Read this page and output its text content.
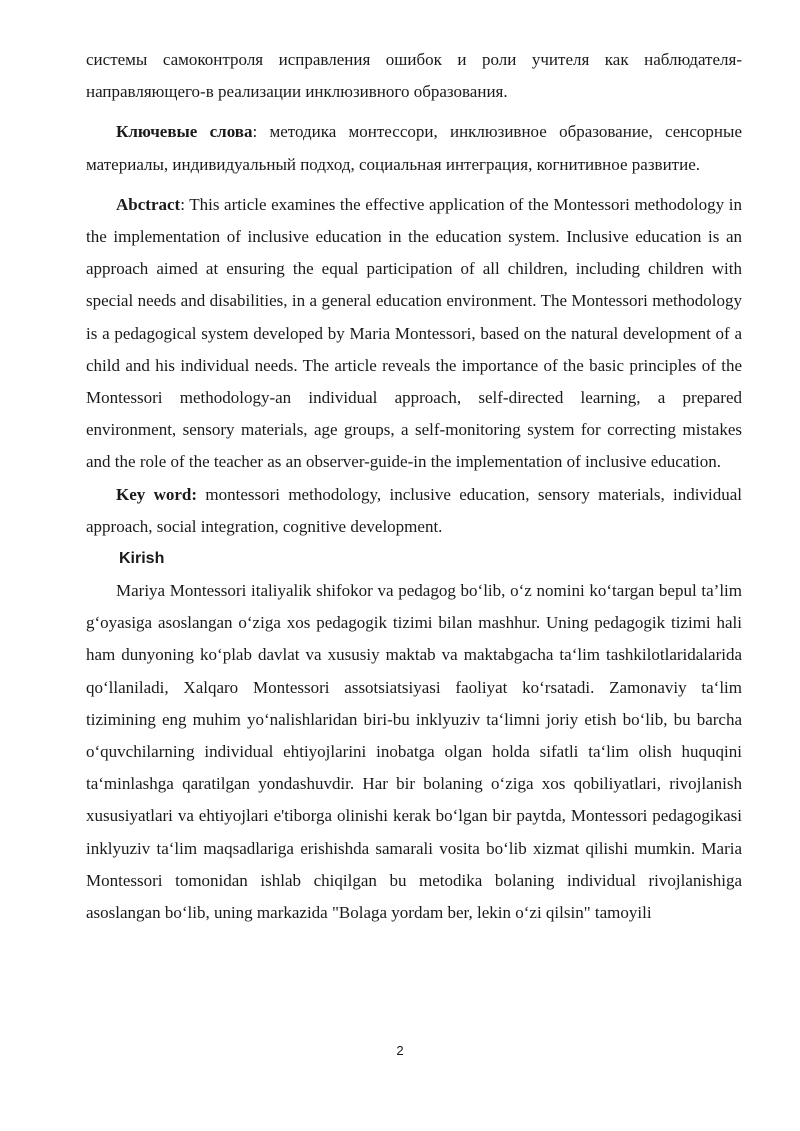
системы самоконтроля исправления ошибок и роли учителя как наблюдателя-направляющего-в реализации инклюзивного образования.

Ключевые слова: методика монтессори, инклюзивное образование, сенсорные материалы, индивидуальный подход, социальная интеграция, когнитивное развитие.

Abctract: This article examines the effective application of the Montessori methodology in the implementation of inclusive education in the education system. Inclusive education is an approach aimed at ensuring the equal participation of all children, including children with special needs and disabilities, in a general education environment. The Montessori methodology is a pedagogical system developed by Maria Montessori, based on the natural development of a child and his individual needs. The article reveals the importance of the basic principles of the Montessori methodology-an individual approach, self-directed learning, a prepared environment, sensory materials, age groups, a self-monitoring system for correcting mistakes and the role of the teacher as an observer-guide-in the implementation of inclusive education.

Key word: montessori methodology, inclusive education, sensory materials, individual approach, social integration, cognitive development.

Kirish

Mariya Montessori italiyalik shifokor va pedagog bo‘lib, o‘z nomini ko‘targan bepul ta’lim g‘oyasiga asoslangan o‘ziga xos pedagogik tizimi bilan mashhur. Uning pedagogik tizimi hali ham dunyoning ko‘plab davlat va xususiy maktab va maktabgacha ta‘lim tashkilotlaridalarida qo‘llaniladi, Xalqaro Montessori assotsiatsiyasi faoliyat ko‘rsatadi. Zamonaviy ta‘lim tizimining eng muhim yo‘nalishlaridan biri-bu inklyuziv ta‘limni joriy etish bo‘lib, bu barcha o‘quvchilarning individual ehtiyojlarini inobatga olgan holda sifatli ta‘lim olish huquqini ta‘minlashga qaratilgan yondashuvdir. Har bir bolaning o‘ziga xos qobiliyatlari, rivojlanish xususiyatlari va ehtiyojlari e'tiborga olinishi kerak bo‘lgan bir paytda, Montessori pedagogikasi inklyuziv ta‘lim maqsadlariga erishishda samarali vosita bo‘lib xizmat qilishi mumkin. Maria Montessori tomonidan ishlab chiqilgan bu metodika bolaning individual rivojlanishiga asoslangan bo‘lib, uning markazida "Bolaga yordam ber, lekin o‘zi qilsin" tamoyili

2
